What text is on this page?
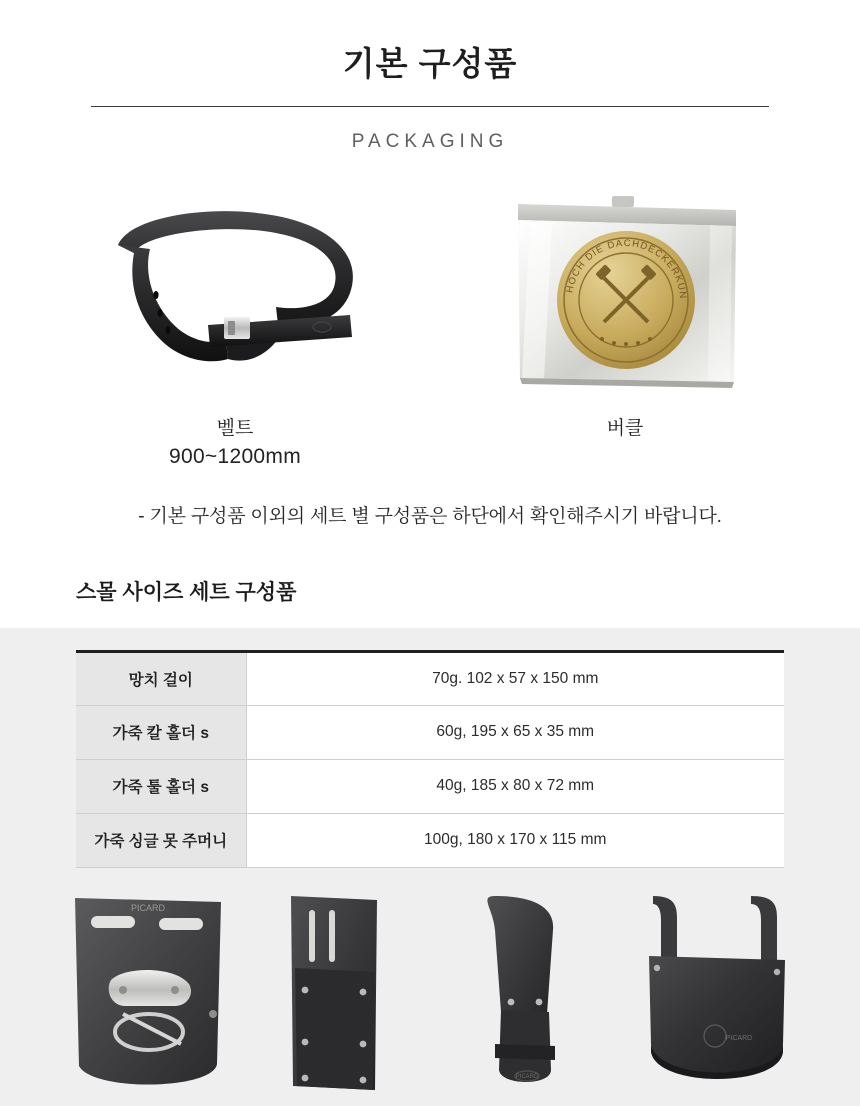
기본 구성품
PACKAGING
벨트
900~1200mm
HOCH DIE DACHDECKERKUNST
버클

- 기본 구성품 이외의 세트 별 구성품은 하단에서 확인해주시기 바랍니다.

스몰 사이즈 세트 구성품
망치 걸이	70g. 102 x 57 x 150 mm
가죽 칼 홀더 s	60g, 195 x 65 x 35 mm
가죽 툴 홀더 s	40g, 185 x 80 x 72 mm
가죽 싱글 못 주머니	100g, 180 x 170 x 115 mm
PICARD
PICARD
PICARD
